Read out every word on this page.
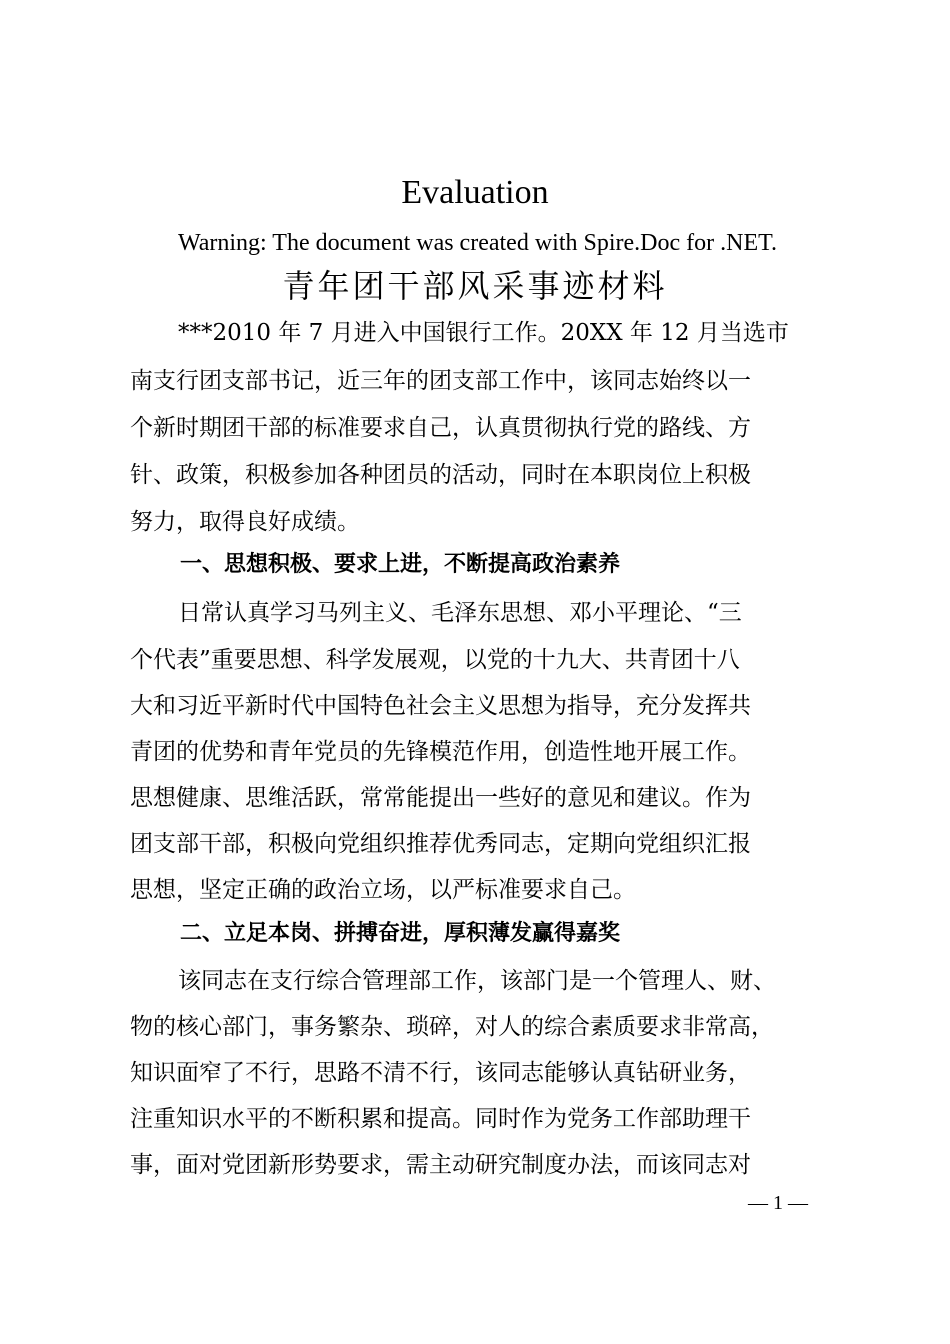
Evaluation
Warning: The document was created with Spire.Doc for .NET.
青年团干部风采事迹材料
***2010 年 7 月进入中国银行工作。20XX 年 12 月当选市
南支行团支部书记，近三年的团支部工作中，该同志始终以一
个新时期团干部的标准要求自己，认真贯彻执行党的路线、方
针、政策，积极参加各种团员的活动，同时在本职岗位上积极
努力，取得良好成绩。
一、思想积极、要求上进，不断提高政治素养
日常认真学习马列主义、毛泽东思想、邓小平理论、“三
个代表”重要思想、科学发展观，以党的十九大、共青团十八
大和习近平新时代中国特色社会主义思想为指导，充分发挥共
青团的优势和青年党员的先锋模范作用，创造性地开展工作。
思想健康、思维活跃，常常能提出一些好的意见和建议。作为
团支部干部，积极向党组织推荐优秀同志，定期向党组织汇报
思想，坚定正确的政治立场，以严标准要求自己。
二、立足本岗、拼搏奋进，厚积薄发赢得嘉奖
该同志在支行综合管理部工作，该部门是一个管理人、财、
物的核心部门，事务繁杂、琐碎，对人的综合素质要求非常高，
知识面窄了不行，思路不清不行，该同志能够认真钻研业务，
注重知识水平的不断积累和提高。同时作为党务工作部助理干
事，面对党团新形势要求，需主动研究制度办法，而该同志对
— 1 —
